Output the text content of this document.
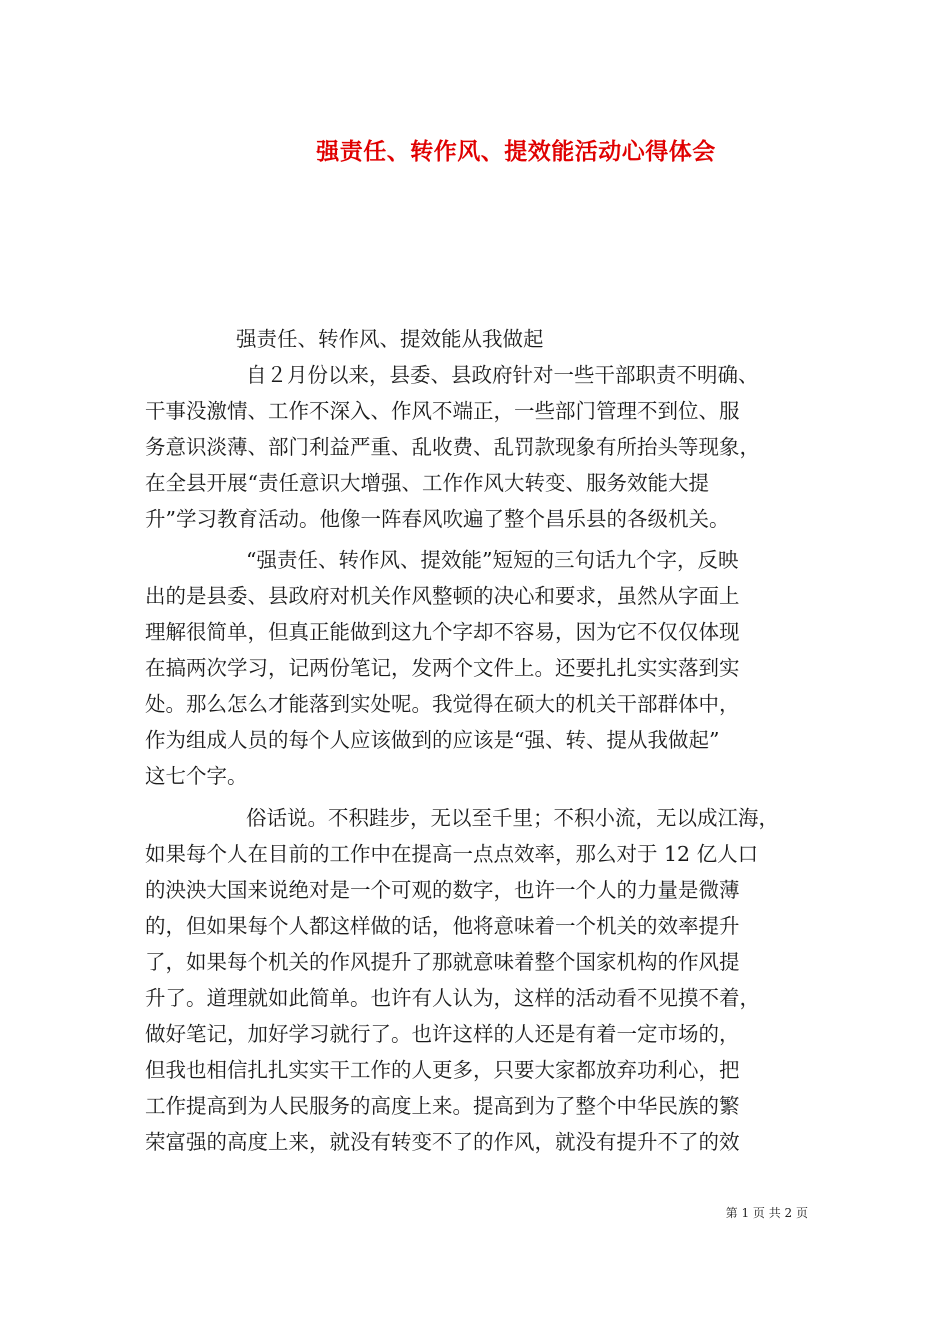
强责任、转作风、提效能活动心得体会
强责任、转作风、提效能从我做起
自２月份以来，县委、县政府针对一些干部职责不明确、
干事没激情、工作不深入、作风不端正，一些部门管理不到位、服
务意识淡薄、部门利益严重、乱收费、乱罚款现象有所抬头等现象，
在全县开展“责任意识大增强、工作作风大转变、服务效能大提
升”学习教育活动。他像一阵春风吹遍了整个昌乐县的各级机关。
“强责任、转作风、提效能”短短的三句话九个字，反映
出的是县委、县政府对机关作风整顿的决心和要求，虽然从字面上
理解很简单，但真正能做到这九个字却不容易，因为它不仅仅体现
在搞两次学习，记两份笔记，发两个文件上。还要扎扎实实落到实
处。那么怎么才能落到实处呢。我觉得在硕大的机关干部群体中，
作为组成人员的每个人应该做到的应该是“强、转、提从我做起”
这七个字。
俗话说。不积跬步，无以至千里；不积小流，无以成江海，
如果每个人在目前的工作中在提高一点点效率，那么对于 12 亿人口
的泱泱大国来说绝对是一个可观的数字，也许一个人的力量是微薄
的，但如果每个人都这样做的话，他将意味着一个机关的效率提升
了，如果每个机关的作风提升了那就意味着整个国家机构的作风提
升了。道理就如此简单。也许有人认为，这样的活动看不见摸不着，
做好笔记，加好学习就行了。也许这样的人还是有着一定市场的，
但我也相信扎扎实实干工作的人更多，只要大家都放弃功利心，把
工作提高到为人民服务的高度上来。提高到为了整个中华民族的繁
荣富强的高度上来，就没有转变不了的作风，就没有提升不了的效
第 1 页 共 2 页
